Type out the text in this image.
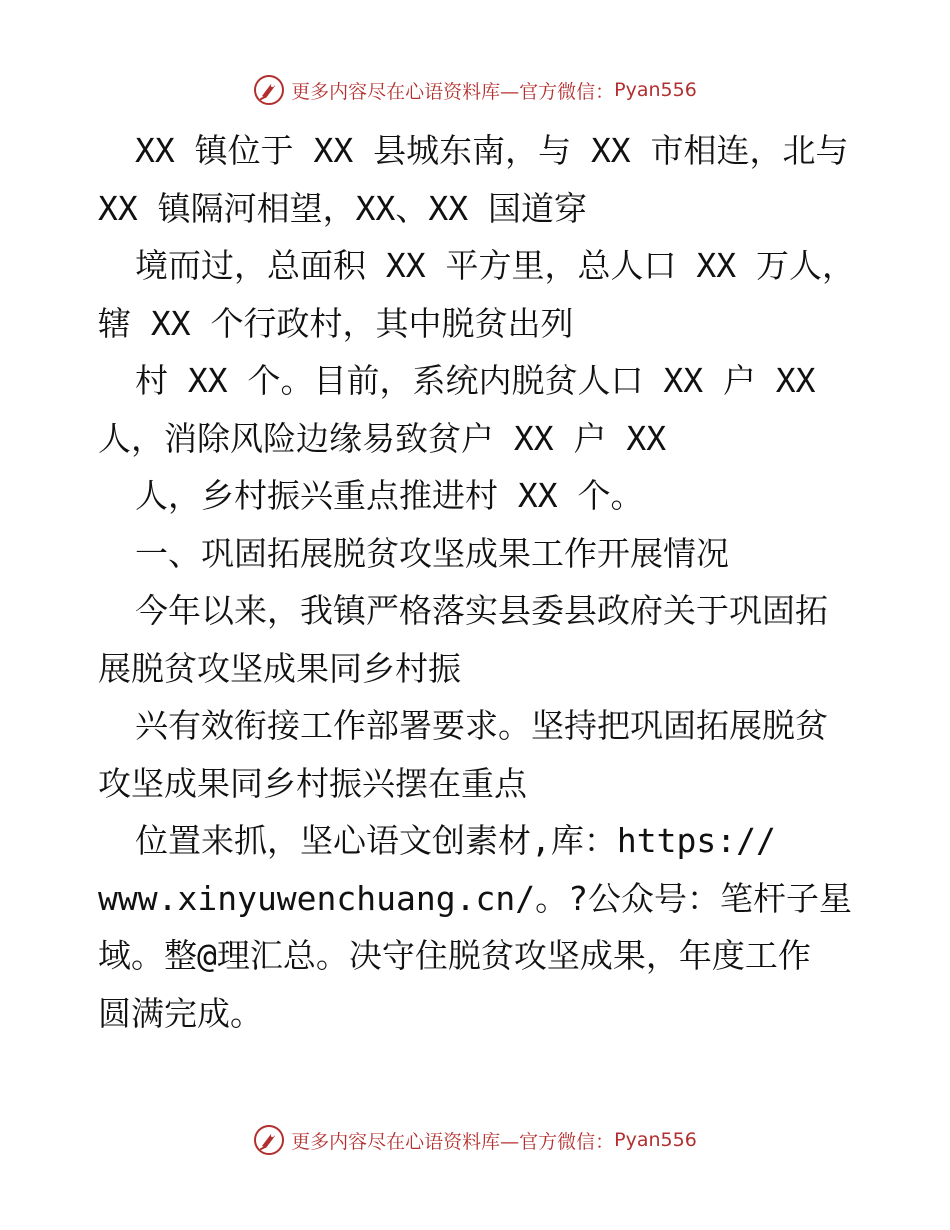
更多内容尽在心语资料库—官方微信： Pyan556
XX 镇位于 XX 县城东南，与 XX 市相连，北与
XX 镇隔河相望，XX、XX 国道穿
境而过，总面积 XX 平方里，总人口 XX 万人，
辖 XX 个行政村，其中脱贫出列
村 XX 个。目前，系统内脱贫人口 XX 户 XX
人，消除风险边缘易致贫户 XX 户 XX
人，乡村振兴重点推进村 XX 个。
一、巩固拓展脱贫攻坚成果工作开展情况
今年以来，我镇严格落实县委县政府关于巩固拓
展脱贫攻坚成果同乡村振
兴有效衔接工作部署要求。坚持把巩固拓展脱贫
攻坚成果同乡村振兴摆在重点
位置来抓，坚心语文创素材,库：https://
www.xinyuwenchuang.cn/。?公众号：笔杆子星
域。整@理汇总。决守住脱贫攻坚成果，年度工作
圆满完成。
更多内容尽在心语资料库—官方微信： Pyan556
